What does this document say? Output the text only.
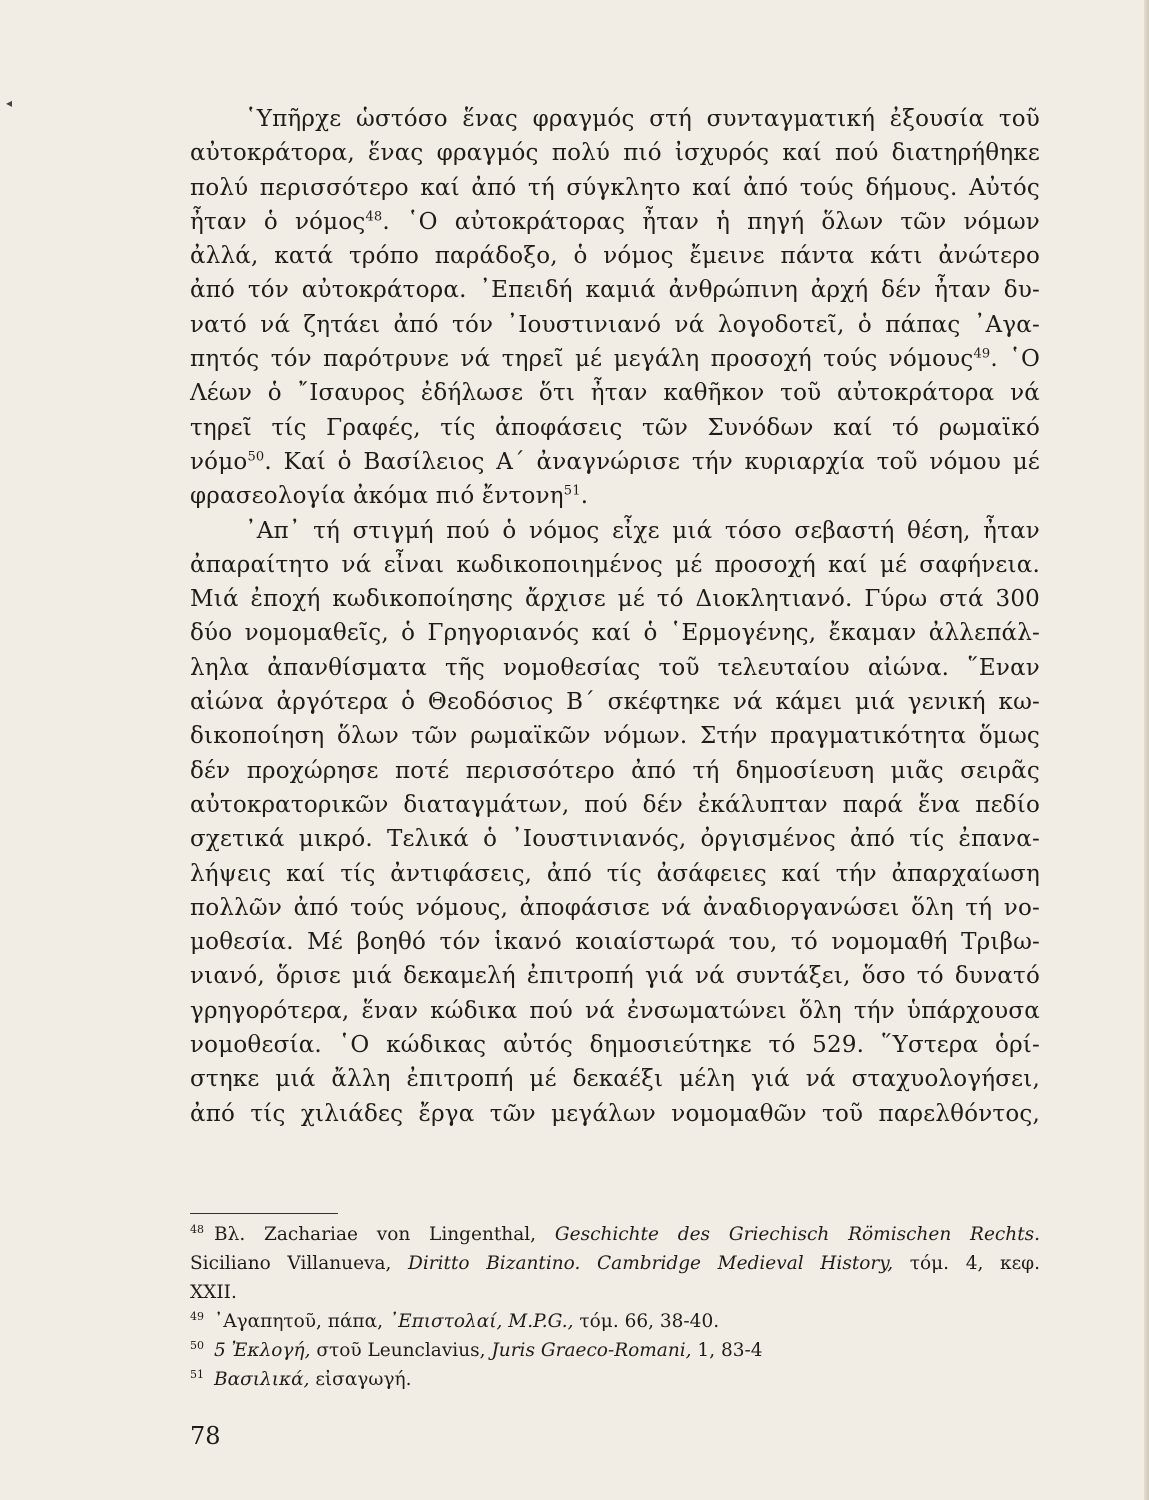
◂
῾Υπῆρχε ὡστόσο ἕνας φραγμός στή συνταγματική ἐξουσία τοῦ
αὐτοκράτορα, ἕνας φραγμός πολύ πιό ἰσχυρός καί πού διατηρήθηκε
πολύ περισσότερο καί ἀπό τή σύγκλητο καί ἀπό τούς δήμους. Αὐτός
ἦταν ὁ νόμος$^{48}$. ῾Ο αὐτοκράτορας ἦταν ἡ πηγή ὅλων τῶν νόμων
ἀλλά, κατά τρόπο παράδοξο, ὁ νόμος ἔμεινε πάντα κάτι ἀνώτερο
ἀπό τόν αὐτοκράτορα. ᾿Επειδή καμιά ἀνθρώπινη ἀρχή δέν ἦταν δυ-
νατό νά ζητάει ἀπό τόν ᾿Ιουστινιανό νά λογοδοτεῖ, ὁ πάπας ᾿Αγα-
πητός τόν παρότρυνε νά τηρεῖ μέ μεγάλη προσοχή τούς νόμους$^{49}$. ῾Ο
Λέων ὁ ῎Ισαυρος ἐδήλωσε ὅτι ἦταν καθῆκον τοῦ αὐτοκράτορα νά
τηρεῖ τίς Γραφές, τίς ἀποφάσεις τῶν Συνόδων καί τό ρωμαϊκό
νόμο$^{50}$. Καί ὁ Βασίλειος Α΄ ἀναγνώρισε τήν κυριαρχία τοῦ νόμου μέ
φρασεολογία ἀκόμα πιό ἔντονη$^{51}$.
᾿Απ᾿ τή στιγμή πού ὁ νόμος εἶχε μιά τόσο σεβαστή θέση, ἦταν
ἀπαραίτητο νά εἶναι κωδικοποιημένος μέ προσοχή καί μέ σαφήνεια.
Μιά ἐποχή κωδικοποίησης ἄρχισε μέ τό Διοκλητιανό. Γύρω στά 300
δύο νομομαθεῖς, ὁ Γρηγοριανός καί ὁ ῾Ερμογένης, ἔκαμαν ἀλλεπάλ-
ληλα ἀπανθίσματα τῆς νομοθεσίας τοῦ τελευταίου αἰώνα. ῞Εναν
αἰώνα ἀργότερα ὁ Θεοδόσιος Β΄ σκέφτηκε νά κάμει μιά γενική κω-
δικοποίηση ὅλων τῶν ρωμαϊκῶν νόμων. Στήν πραγματικότητα ὅμως
δέν προχώρησε ποτέ περισσότερο ἀπό τή δημοσίευση μιᾶς σειρᾶς
αὐτοκρατορικῶν διαταγμάτων, πού δέν ἐκάλυπταν παρά ἕνα πεδίο
σχετικά μικρό. Τελικά ὁ ᾿Ιουστινιανός, ὀργισμένος ἀπό τίς ἐπανα-
λήψεις καί τίς ἀντιφάσεις, ἀπό τίς ἀσάφειες καί τήν ἀπαρχαίωση
πολλῶν ἀπό τούς νόμους, ἀποφάσισε νά ἀναδιοργανώσει ὅλη τή νο-
μοθεσία. Μέ βοηθό τόν ἱκανό κοιαίστωρά του, τό νομομαθή Τριβω-
νιανό, ὅρισε μιά δεκαμελή ἐπιτροπή γιά νά συντάξει, ὅσο τό δυνατό
γρηγορότερα, ἕναν κώδικα πού νά ἐνσωματώνει ὅλη τήν ὑπάρχουσα
νομοθεσία. ῾Ο κώδικας αὐτός δημοσιεύτηκε τό 529. ῞Υστερα ὁρί-
στηκε μιά ἄλλη ἐπιτροπή μέ δεκαέξι μέλη γιά νά σταχυολογήσει,
ἀπό τίς χιλιάδες ἔργα τῶν μεγάλων νομομαθῶν τοῦ παρελθόντος,
$^{48}$ Βλ. Zachariae von Lingenthal, Geschichte des Griechisch Römischen Rechts.
Siciliano Villanueva, Diritto Bizantino. Cambridge Medieval History, τόμ. 4, κεφ.
XXII.
$^{49}$ ᾿Αγαπητοῦ, πάπα, ᾿Επιστολαί, M.P.G., τόμ. 66, 38-40.
$^{50}$ 5 Ἐκλογή, στοῦ Leunclavius, Juris Graeco-Romani, 1, 83-4
$^{51}$ Βασιλικά, εἰσαγωγή.
78
